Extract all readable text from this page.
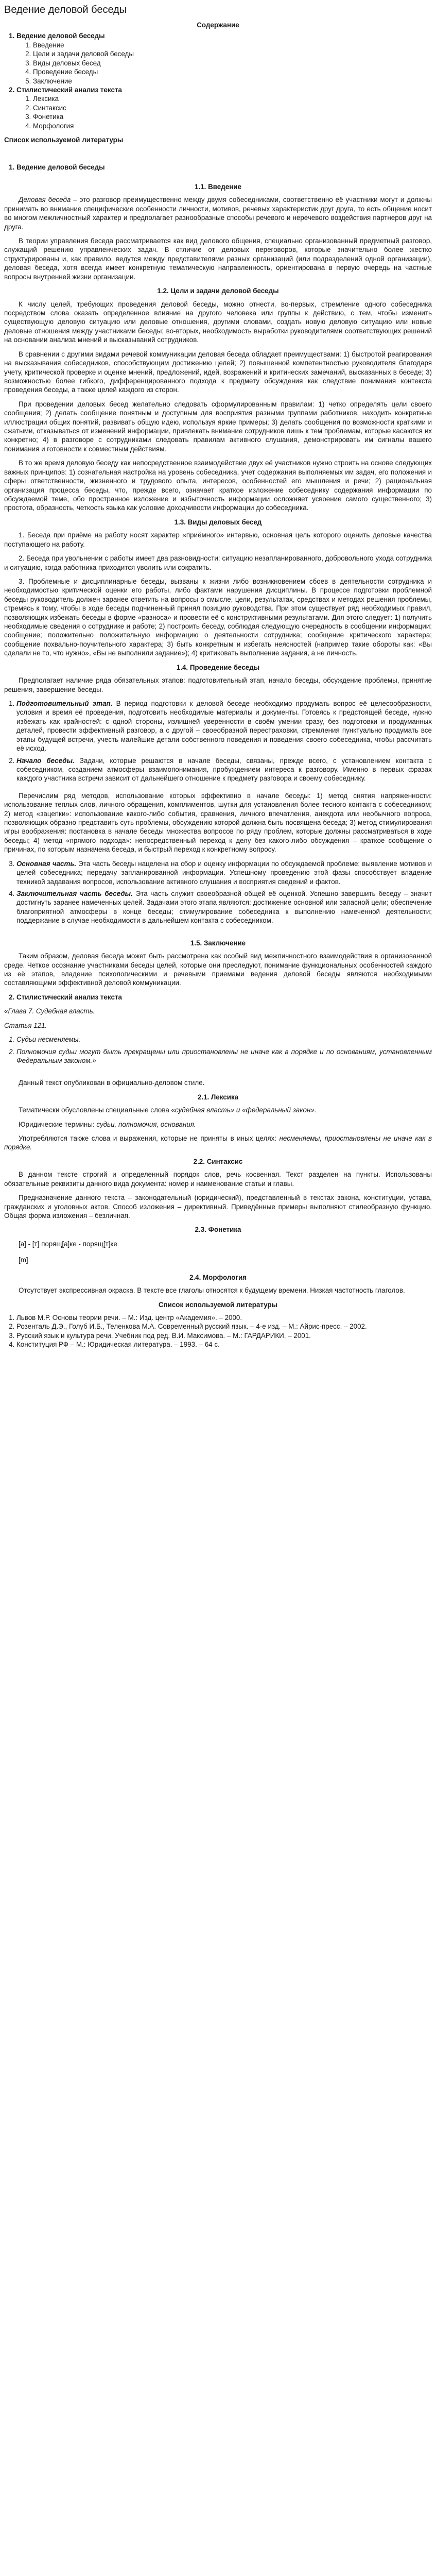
Ведение деловой беседы
Содержание
1. Ведение деловой беседы
1. Введение
2. Цели и задачи деловой беседы
3. Виды деловых бесед
4. Проведение беседы
5. Заключение
2. Стилистический анализ текста
1. Лексика
2. Синтаксис
3. Фонетика
4. Морфология
Список используемой литературы
1. Ведение деловой беседы
1.1. Введение

Деловая беседа – это разговор преимущественно между двумя собеседниками, соответственно её участники могут и должны принимать во внимание специфические особенности личности, мотивов, речевых характеристик друг друга, то есть общение носит во многом межличностный характер и предполагает разнообразные способы речевого и неречевого воздействия партнеров друг на друга.

В теории управления беседа рассматривается как вид делового общения, специально организованный предметный разговор, служащий решению управленческих задач. В отличие от деловых переговоров, которые значительно более жестко структурированы и, как правило, ведутся между представителями разных организаций (или подразделений одной организации), деловая беседа, хотя всегда имеет конкретную тематическую направленность, ориентирована в первую очередь на частные вопросы внутренней жизни организации.

1.2. Цели и задачи деловой беседы

К числу целей, требующих проведения деловой беседы, можно отнести, во-первых, стремление одного собеседника посредством слова оказать определенное влияние на другого человека или группы к действию, с тем, чтобы изменить существующую деловую ситуацию или деловые отношения, другими словами, создать новую деловую ситуацию или новые деловые отношения между участниками беседы; во-вторых, необходимость выработки руководителями соответствующих решений на основании анализа мнений и высказываний сотрудников.

В сравнении с другими видами речевой коммуникации деловая беседа обладает преимуществами: 1) быстротой реагирования на высказывания собеседников, способствующим достижению целей; 2) повышенной компетентностью руководителя благодаря учету, критической проверке и оценке мнений, предложений, идей, возражений и критических замечаний, высказанных в беседе; 3) возможностью более гибкого, дифференцированного подхода к предмету обсуждения как следствие понимания контекста проведения беседы, а также целей каждого из сторон.

При проведении деловых бесед желательно следовать сформулированным правилам: 1) четко определять цели своего сообщения; 2) делать сообщение понятным и доступным для восприятия разными группами работников, находить конкретные иллюстрации общих понятий, развивать общую идею, используя яркие примеры; 3) делать сообщения по возможности краткими и сжатыми, отказываться от изменений информации, привлекать внимание сотрудников лишь к тем проблемам, которые касаются их конкретно; 4) в разговоре с сотрудниками следовать правилам активного слушания, демонстрировать им сигналы вашего понимания и готовности к совместным действиям.

В то же время деловую беседу как непосредственное взаимодействие двух её участников нужно строить на основе следующих важных принципов: 1) сознательная настройка на уровень собеседника, учет содержания выполняемых им задач, его положения и сферы ответственности, жизненного и трудового опыта, интересов, особенностей его мышления и речи; 2) рациональная организация процесса беседы, что, прежде всего, означает краткое изложение собеседнику содержания информации по обсуждаемой теме, обо пространное изложение и избыточность информации осложняет усвоение самого существенного; 3) простота, образность, четкость языка как условие доходчивости информации до собеседника.

1.3. Виды деловых бесед

1. Беседа при приёме на работу носят характер «приёмного» интервью, основная цель которого оценить деловые качества поступающего на работу.

2. Беседа при увольнении с работы имеет два разновидности: ситуацию незапланированного, добровольного ухода сотрудника и ситуацию, когда работника приходится уволить или сократить.

3. Проблемные и дисциплинарные беседы, вызваны к жизни либо возникновением сбоев в деятельности сотрудника и необходимостью критической оценки его работы, либо фактами нарушения дисциплины. В процессе подготовки проблемной беседы руководитель должен заранее ответить на вопросы о смысле, цели, результатах, средствах и методах решения проблемы, стремясь к тому, чтобы в ходе беседы подчиненный принял позицию руководства. При этом существует ряд необходимых правил, позволяющих избежать беседы в форме «разноса» и провести её с конструктивными результатами. Для этого следует: 1) получить необходимые сведения о сотруднике и работе; 2) построить беседу, соблюдая следующую очередность в сообщении информации: сообщение; положительно положительную информацию о деятельности сотрудника; сообщение критического характера; сообщение похвально-поучительного характера; 3) быть конкретным и избегать неясностей (например такие обороты как: «Вы сделали не то, что нужно», «Вы не выполнили задание»); 4) критиковать выполнение задания, а не личность.

1.4. Проведение беседы

Предполагает наличие ряда обязательных этапов: подготовительный этап, начало беседы, обсуждение проблемы, принятие решения, завершение беседы.

1. Подготовительный этап. В период подготовки к деловой беседе необходимо продумать вопрос её целесообразности, условия и время её проведения, подготовить необходимые материалы и документы. Готовясь к предстоящей беседе, нужно избежать как крайностей: с одной стороны, излишней уверенности в своём умении сразу, без подготовки и продуманных деталей, провести эффективный разговор, а с другой – своеобразной перестраховки, стремления пунктуально продумать все этапы будущей встречи, учесть малейшие детали собственного поведения и поведения своего собеседника, чтобы рассчитать её исход.
2. Начало беседы. Задачи, которые решаются в начале беседы, связаны, прежде всего, с установлением контакта с собеседником, созданием атмосферы взаимопонимания, пробуждением интереса к разговору. Именно в первых фразах каждого участника встречи зависит от дальнейшего отношение к предмету разговора и своему собеседнику.

Перечислим ряд методов, использование которых эффективно в начале беседы: 1) метод снятия напряженности: использование теплых слов, личного обращения, комплиментов, шутки для установления более тесного контакта с собеседником; 2) метод «зацепки»: использование какого-либо события, сравнения, личного впечатления, анекдота или необычного вопроса, позволяющих образно представить суть проблемы, обсуждению которой должна быть посвящена беседа; 3) метод стимулирования игры воображения: постановка в начале беседы множества вопросов по ряду проблем, которые должны рассматриваться в ходе беседы; 4) метод «прямого подхода»: непосредственный переход к делу без какого-либо обсуждения – краткое сообщение о причинах, по которым назначена беседа, и быстрый переход к конкретному вопросу.

3. Основная часть. Эта часть беседы нацелена на сбор и оценку информации по обсуждаемой проблеме; выявление мотивов и целей собеседника; передачу запланированной информации. Успешному проведению этой фазы способствует владение техникой задавания вопросов, использование активного слушания и восприятия сведений и фактов.
4. Заключительная часть беседы. Эта часть служит своеобразной общей её оценкой. Успешно завершить беседу – значит достигнуть заранее намеченных целей. Задачами этого этапа являются: достижение основной или запасной цели; обеспечение благоприятной атмосферы в конце беседы; стимулирование собеседника к выполнению намеченной деятельности; поддержание в случае необходимости в дальнейшем контакта с собеседником.
1.5. Заключение

Таким образом, деловая беседа может быть рассмотрена как особый вид межличностного взаимодействия в организованной среде. Четкое осознание участниками беседы целей, которые они преследуют, понимание функциональных особенностей каждого из её этапов, владение психологическими и речевыми приемами ведения деловой беседы являются необходимыми составляющими эффективной деловой коммуникации.

2. Стилистический анализ текста

«Глава 7. Судебная власть.

Статья 121.

1. Судьи несменяемы.
2. Полномочия судьи могут быть прекращены или приостановлены не иначе как в порядке и по основаниям, установленным Федеральным законом.»

Данный текст опубликован в официально-деловом стиле.

2.1. Лексика

Тематически обусловлены специальные слова «судебная власть» и «федеральный закон».

Юридические термины: судьи, полномочия, основания.

Употребляются также слова и выражения, которые не приняты в иных целях: несменяемы, приостановлены не иначе как в порядке.

2.2. Синтаксис

В данном тексте строгий и определенный порядок слов, речь косвенная. Текст разделен на пункты. Использованы обязательные реквизиты данного вида документа: номер и наименование статьи и главы.

Предназначение данного текста – законодательный (юридический), представленный в текстах закона, конституции, устава, гражданских и уголовных актов. Способ изложения – директивный. Приведённые примеры выполняют стилеобразную функцию. Общая форма изложения – безличная.

2.3. Фонетика
[а] - [т] порящ[а]ке - порящ[т]ке
[m]
2.4. Морфология

Отсутствует экспрессивная окраска. В тексте все глаголы относятся к будущему времени. Низкая частотность глаголов.

Список используемой литературы
1. Львов М.Р. Основы теории речи. – М.: Изд. центр «Академия». – 2000.
2. Розенталь Д.Э., Голуб И.Б., Теленкова М.А. Современный русский язык. – 4-е изд. – М.: Айрис-пресс. – 2002.
3. Русский язык и культура речи. Учебник под ред. В.И. Максимова. – М.: ГАРДАРИКИ. – 2001.
4. Конституция РФ – М.: Юридическая литература. – 1993. – 64 с.
